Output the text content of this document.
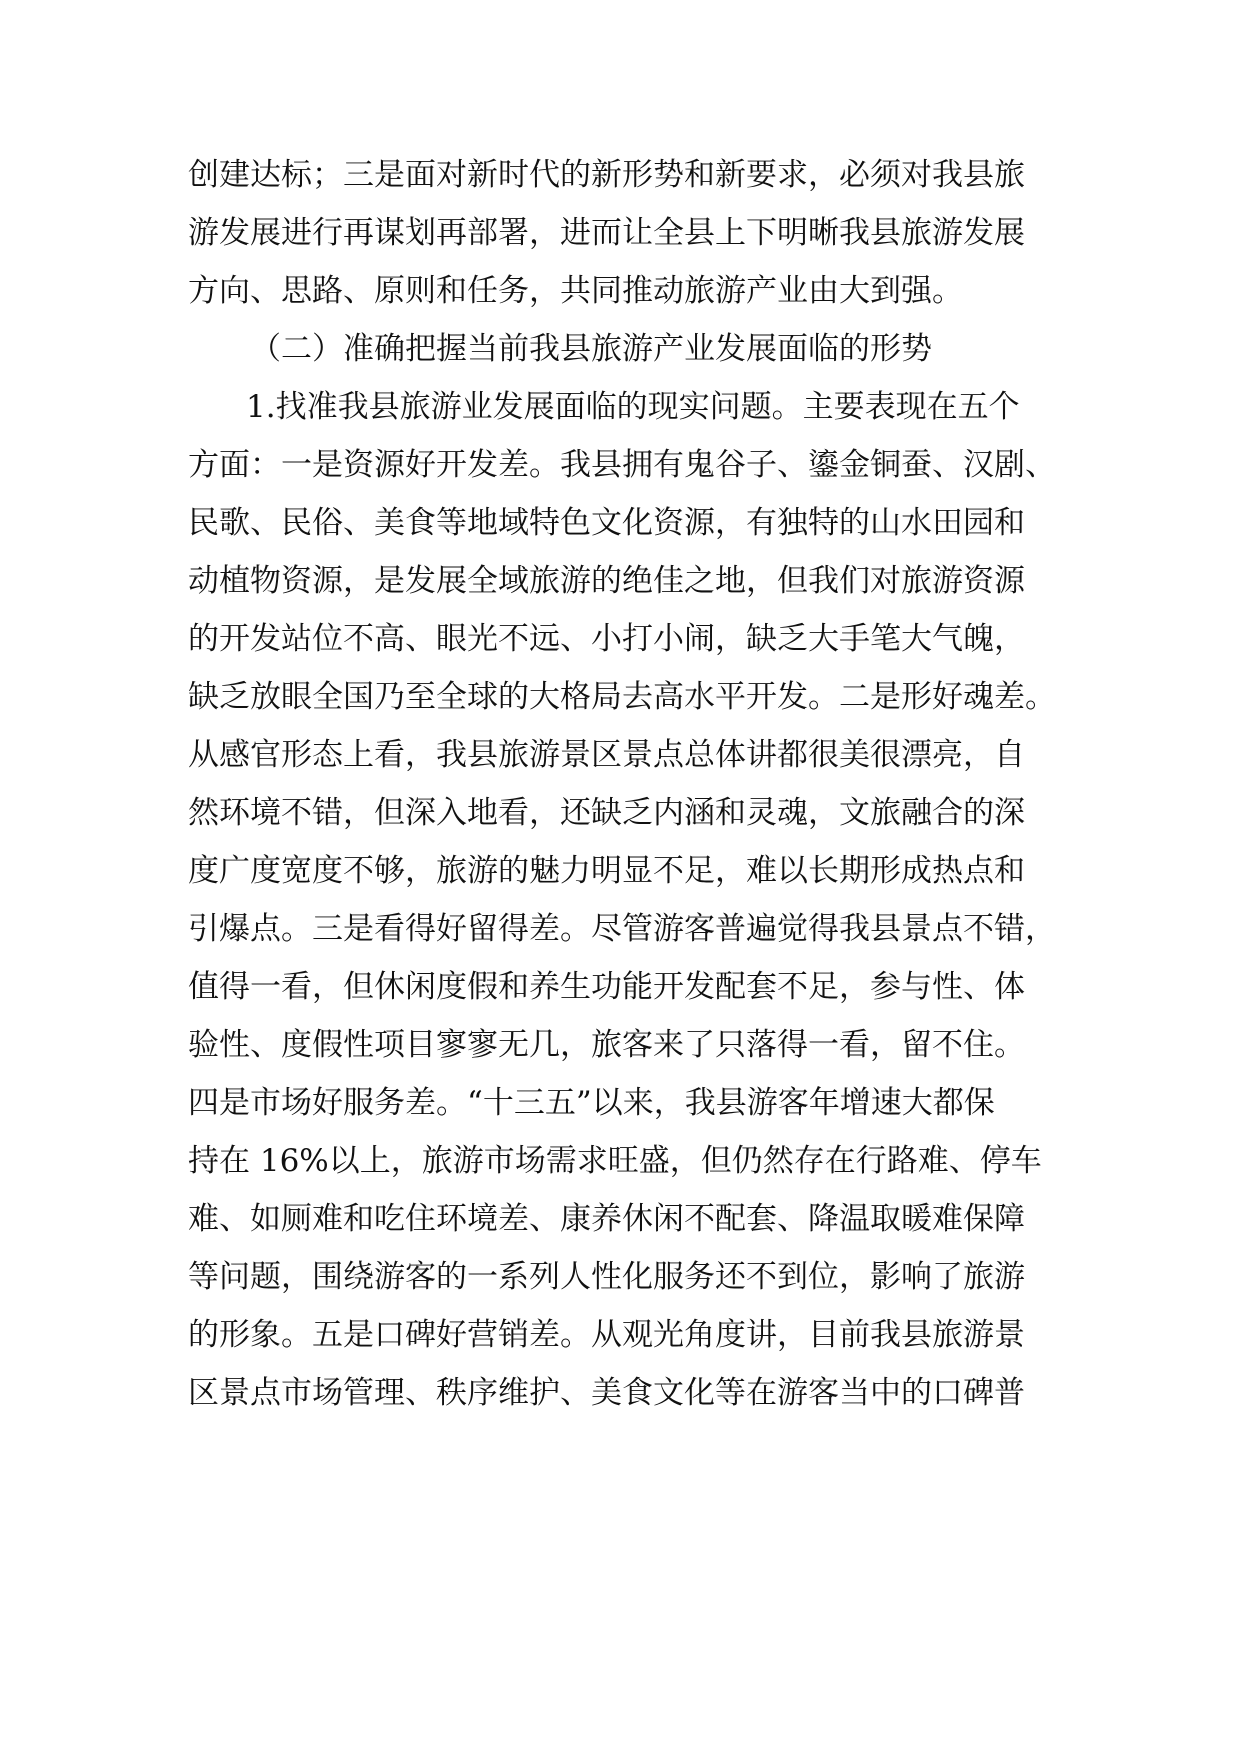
创建达标；三是面对新时代的新形势和新要求，必须对我县旅
游发展进行再谋划再部署，进而让全县上下明晰我县旅游发展
方向、思路、原则和任务，共同推动旅游产业由大到强。
（二）准确把握当前我县旅游产业发展面临的形势
1.找准我县旅游业发展面临的现实问题。主要表现在五个
方面：一是资源好开发差。我县拥有鬼谷子、鎏金铜蚕、汉剧、
民歌、民俗、美食等地域特色文化资源，有独特的山水田园和
动植物资源，是发展全域旅游的绝佳之地，但我们对旅游资源
的开发站位不高、眼光不远、小打小闹，缺乏大手笔大气魄，
缺乏放眼全国乃至全球的大格局去高水平开发。二是形好魂差。
从感官形态上看，我县旅游景区景点总体讲都很美很漂亮，自
然环境不错，但深入地看，还缺乏内涵和灵魂，文旅融合的深
度广度宽度不够，旅游的魅力明显不足，难以长期形成热点和
引爆点。三是看得好留得差。尽管游客普遍觉得我县景点不错，
值得一看，但休闲度假和养生功能开发配套不足，参与性、体
验性、度假性项目寥寥无几，旅客来了只落得一看，留不住。
四是市场好服务差。“十三五”以来，我县游客年增速大都保
持在 16%以上，旅游市场需求旺盛，但仍然存在行路难、停车
难、如厕难和吃住环境差、康养休闲不配套、降温取暖难保障
等问题，围绕游客的一系列人性化服务还不到位，影响了旅游
的形象。五是口碑好营销差。从观光角度讲，目前我县旅游景
区景点市场管理、秩序维护、美食文化等在游客当中的口碑普
